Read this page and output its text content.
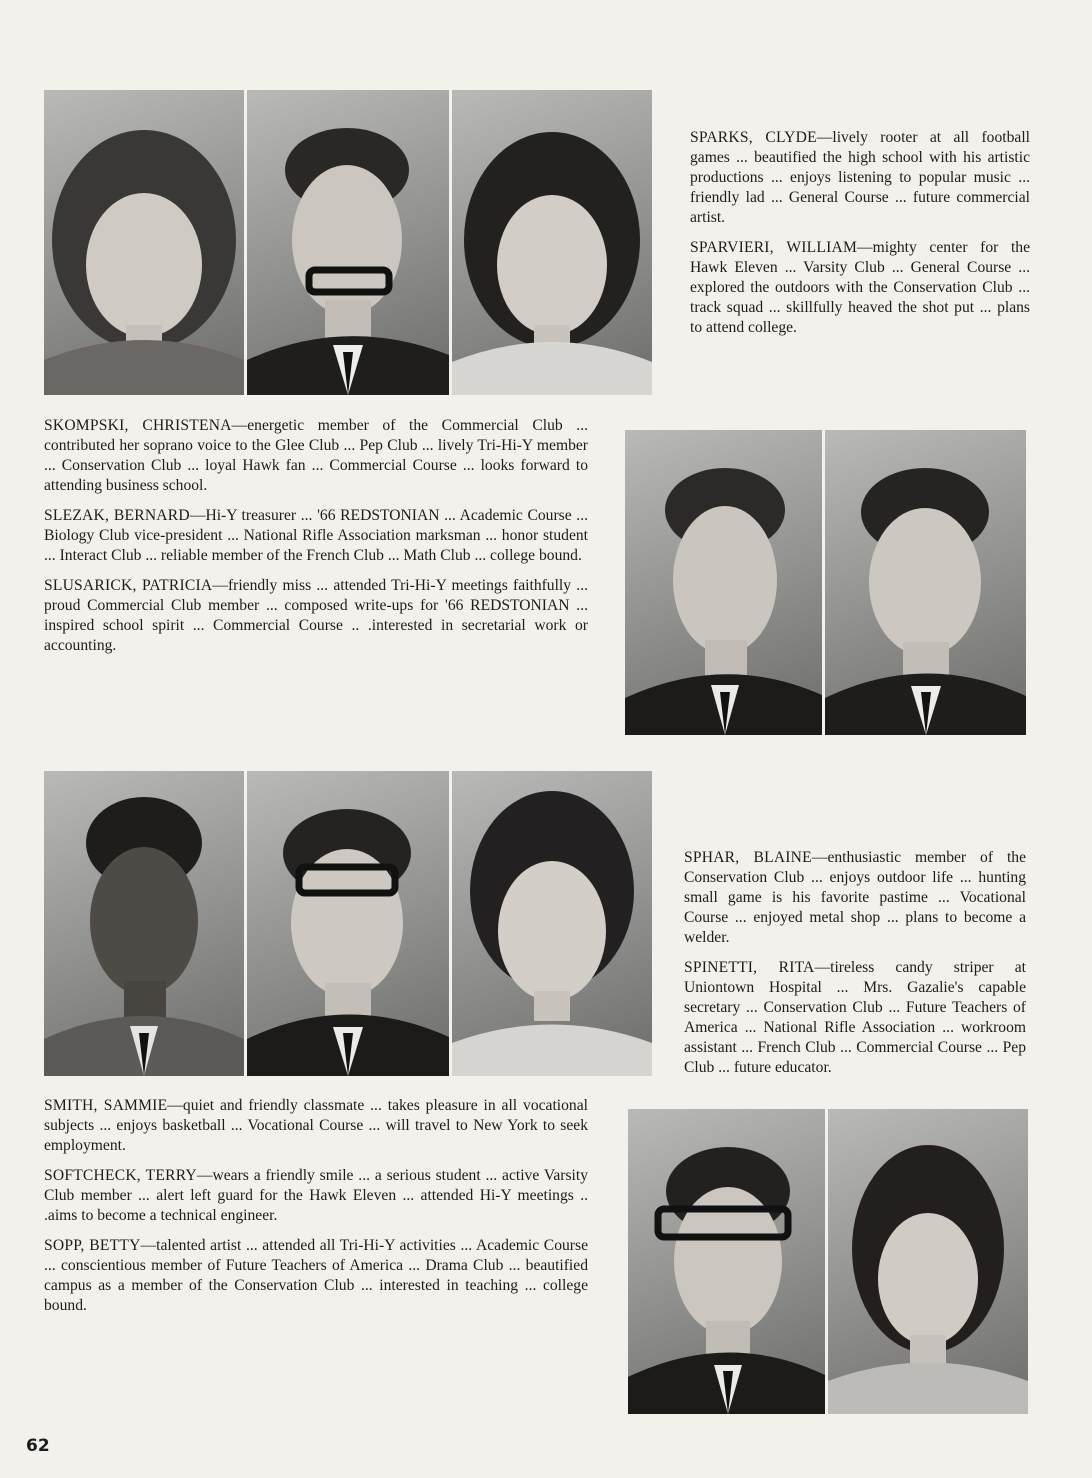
SPARKS, CLYDE—lively rooter at all football games ... beautified the high school with his artistic productions ... enjoys listening to popular music ... friendly lad ... General Course ... future commercial artist.

SPARVIERI, WILLIAM—mighty center for the Hawk Eleven ... Varsity Club ... General Course ... explored the outdoors with the Conservation Club ... track squad ... skillfully heaved the shot put ... plans to attend college.

SKOMPSKI, CHRISTENA—energetic member of the Commercial Club ... contributed her soprano voice to the Glee Club ... Pep Club ... lively Tri-Hi-Y member ... Conservation Club ... loyal Hawk fan ... Commercial Course ... looks forward to attending business school.

SLEZAK, BERNARD—Hi-Y treasurer ... '66 REDSTONIAN ... Academic Course ... Biology Club vice-president ... National Rifle Association marksman ... honor student ... Interact Club ... reliable member of the French Club ... Math Club ... college bound.

SLUSARICK, PATRICIA—friendly miss ... attended Tri-Hi-Y meetings faithfully ... proud Commercial Club member ... composed write-ups for '66 REDSTONIAN ... inspired school spirit ... Commercial Course .. .interested in secretarial work or accounting.

SPHAR, BLAINE—enthusiastic member of the Conservation Club ... enjoys outdoor life ... hunting small game is his favorite pastime ... Vocational Course ... enjoyed metal shop ... plans to become a welder.

SPINETTI, RITA—tireless candy striper at Uniontown Hospital ... Mrs. Gazalie's capable secretary ... Conservation Club ... Future Teachers of America ... National Rifle Association ... workroom assistant ... French Club ... Commercial Course ... Pep Club ... future educator.

SMITH, SAMMIE—quiet and friendly classmate ... takes pleasure in all vocational subjects ... enjoys basketball ... Vocational Course ... will travel to New York to seek employment.

SOFTCHECK, TERRY—wears a friendly smile ... a serious student ... active Varsity Club member ... alert left guard for the Hawk Eleven ... attended Hi-Y meetings .. .aims to become a technical engineer.

SOPP, BETTY—talented artist ... attended all Tri-Hi-Y activities ... Academic Course ... conscientious member of Future Teachers of America ... Drama Club ... beautified campus as a member of the Conservation Club ... interested in teaching ... college bound.

62
